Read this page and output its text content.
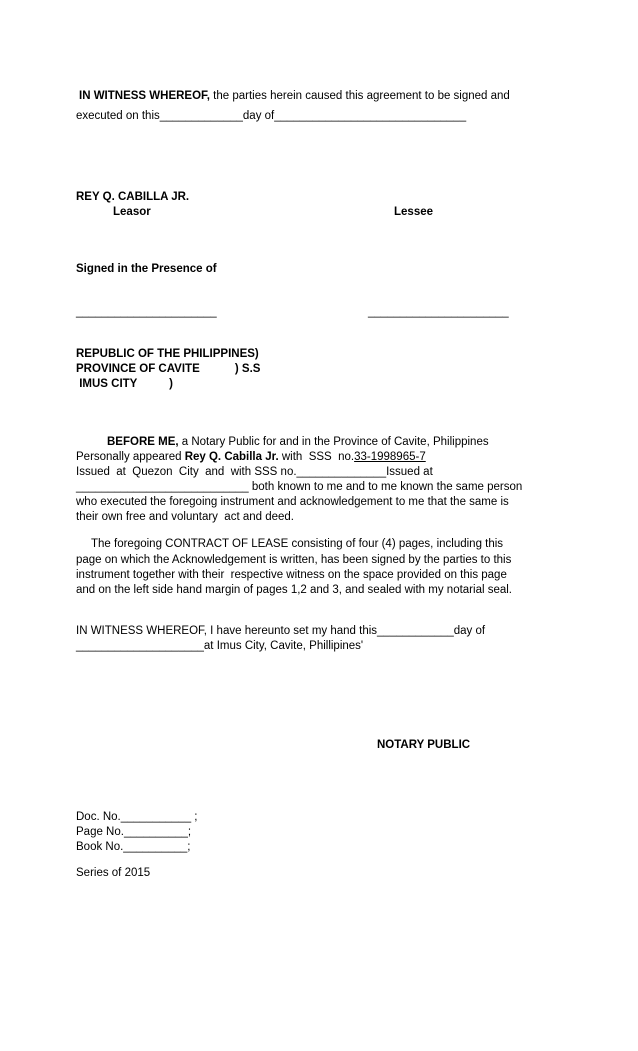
IN WITNESS WHEREOF, the parties herein caused this agreement to be signed and
executed on this_____________day of______________________________
REY Q. CABILLA JR.
Leasor	Lessee
Signed in the Presence of
______________________	______________________
REPUBLIC OF THE PHILIPPINES)
PROVINCE OF CAVITE           ) S.S
IMUS CITY          )
BEFORE ME, a Notary Public for and in the Province of Cavite, Philippines
Personally appeared Rey Q. Cabilla Jr. with  SSS  no.33-1998965-7
Issued  at  Quezon  City  and  with SSS no.______________Issued at
___________________________ both known to me and to me known the same person
who executed the foregoing instrument and acknowledgement to me that the same is
their own free and voluntary  act and deed.
The foregoing CONTRACT OF LEASE consisting of four (4) pages, including this
page on which the Acknowledgement is written, has been signed by the parties to this
instrument together with their  respective witness on the space provided on this page
and on the left side hand margin of pages 1,2 and 3, and sealed with my notarial seal.
IN WITNESS WHEREOF, I have hereunto set my hand this____________day of
____________________at Imus City, Cavite, Phillipines'
NOTARY PUBLIC
Doc. No.___________ ;
Page No.__________;
Book No.__________;
Series of 2015
